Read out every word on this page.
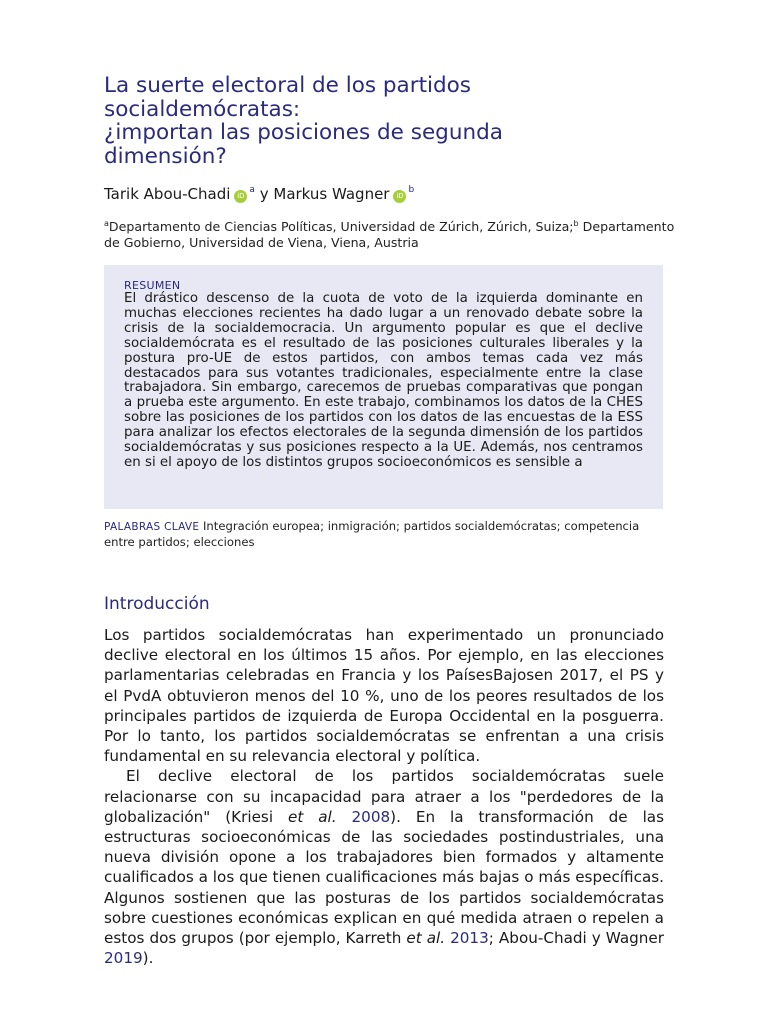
La suerte electoral de los partidos
socialdemócratas:
¿importan las posiciones de segunda
dimensión?
Tarik Abou-Chadi $iD^a$ y Markus Wagner $iD^b$
$^a$Departamento de Ciencias Políticas, Universidad de Zúrich, Zúrich, Suiza;$^b$ Departamento
de Gobierno, Universidad de Viena, Viena, Austria
RESUMEN

El drástico descenso de la cuota de voto de la izquierda dominante en muchas elecciones recientes ha dado lugar a un renovado debate sobre la crisis de la socialdemocracia. Un argumento popular es que el declive socialdemócrata es el resultado de las posiciones culturales liberales y la postura pro-UE de estos partidos, con ambos temas cada vez más destacados para sus votantes tradicionales, especialmente entre la clase trabajadora. Sin embargo, carecemos de pruebas comparativas que pongan a prueba este argumento. En este trabajo, combinamos los datos de la CHES sobre las posiciones de los partidos con los datos de las encuestas de la ESS para analizar los efectos electorales de la segunda dimensión de los partidos socialdemócratas y sus posiciones respecto a la UE. Además, nos centramos en si el apoyo de los distintos grupos socioeconómicos es sensible a

PALABRAS CLAVE Integración europea; inmigración; partidos socialdemócratas; competencia entre partidos; elecciones
Introducción

Los partidos socialdemócratas han experimentado un pronunciado declive electoral en los últimos 15 años. Por ejemplo, en las elecciones parlamentarias celebradas en Francia y los PaísesBajosen 2017, el PS y el PvdA obtuvieron menos del 10 %, uno de los peores resultados de los principales partidos de izquierda de Europa Occidental en la posguerra. Por lo tanto, los partidos socialdemócratas se enfrentan a una crisis fundamental en su relevancia electoral y política.

El declive electoral de los partidos socialdemócratas suele relacionarse con su incapacidad para atraer a los "perdedores de la globalización" (Kriesi et al. 2008). En la transformación de las estructuras socioeconómicas de las sociedades postindustriales, una nueva división opone a los trabajadores bien formados y altamente cualificados a los que tienen cualificaciones más bajas o más específicas. Algunos sostienen que las posturas de los partidos socialdemócratas sobre cuestiones económicas explican en qué medida atraen o repelen a estos dos grupos (por ejemplo, Karreth et al. 2013; Abou-Chadi y Wagner 2019).
